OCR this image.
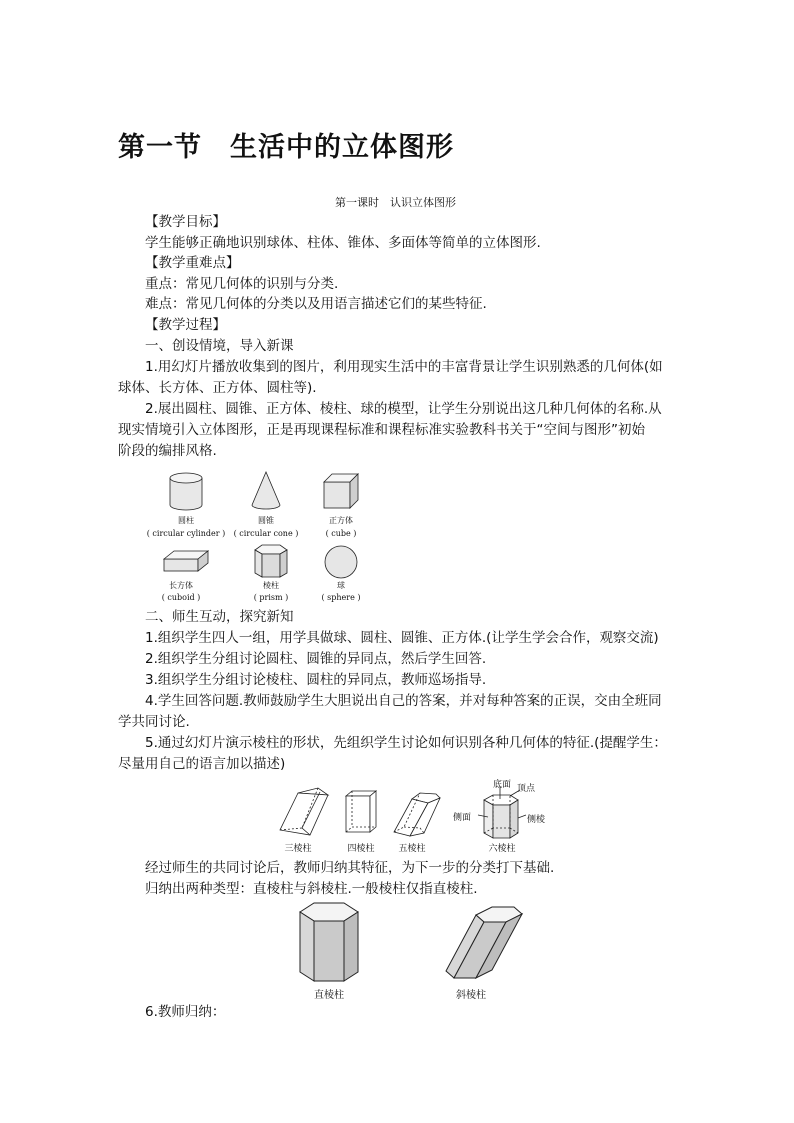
第一节　生活中的立体图形
第一课时　认识立体图形
【教学目标】
学生能够正确地识别球体、柱体、锥体、多面体等简单的立体图形.
【教学重难点】
重点：常见几何体的识别与分类.
难点：常见几何体的分类以及用语言描述它们的某些特征.
【教学过程】
一、创设情境，导入新课
1.用幻灯片播放收集到的图片，利用现实生活中的丰富背景让学生识别熟悉的几何体(如
球体、长方体、正方体、圆柱等).
2.展出圆柱、圆锥、正方体、棱柱、球的模型，让学生分别说出这几种几何体的名称.从
现实情境引入立体图形，正是再现课程标准和课程标准实验教科书关于“空间与图形”初始
阶段的编排风格.
圆柱
( circular cylinder )
圆锥
( circular cone )
正方体
( cube )
长方体
( cuboid )
棱柱
( prism )
球
( sphere )
二、师生互动，探究新知
1.组织学生四人一组，用学具做球、圆柱、圆锥、正方体.(让学生学会合作，观察交流)
2.组织学生分组讨论圆柱、圆锥的异同点，然后学生回答.
3.组织学生分组讨论棱柱、圆柱的异同点，教师巡场指导.
4.学生回答问题.教师鼓励学生大胆说出自己的答案，并对每种答案的正误，交由全班同
学共同讨论.
5.通过幻灯片演示棱柱的形状，先组织学生讨论如何识别各种几何体的特征.(提醒学生：
尽量用自己的语言加以描述)
底面 顶点
侧面	侧棱
三棱柱	四棱柱	五棱柱	六棱柱
经过师生的共同讨论后，教师归纳其特征，为下一步的分类打下基础.
归纳出两种类型：直棱柱与斜棱柱.一般棱柱仅指直棱柱.
直棱柱	斜棱柱
6.教师归纳：
